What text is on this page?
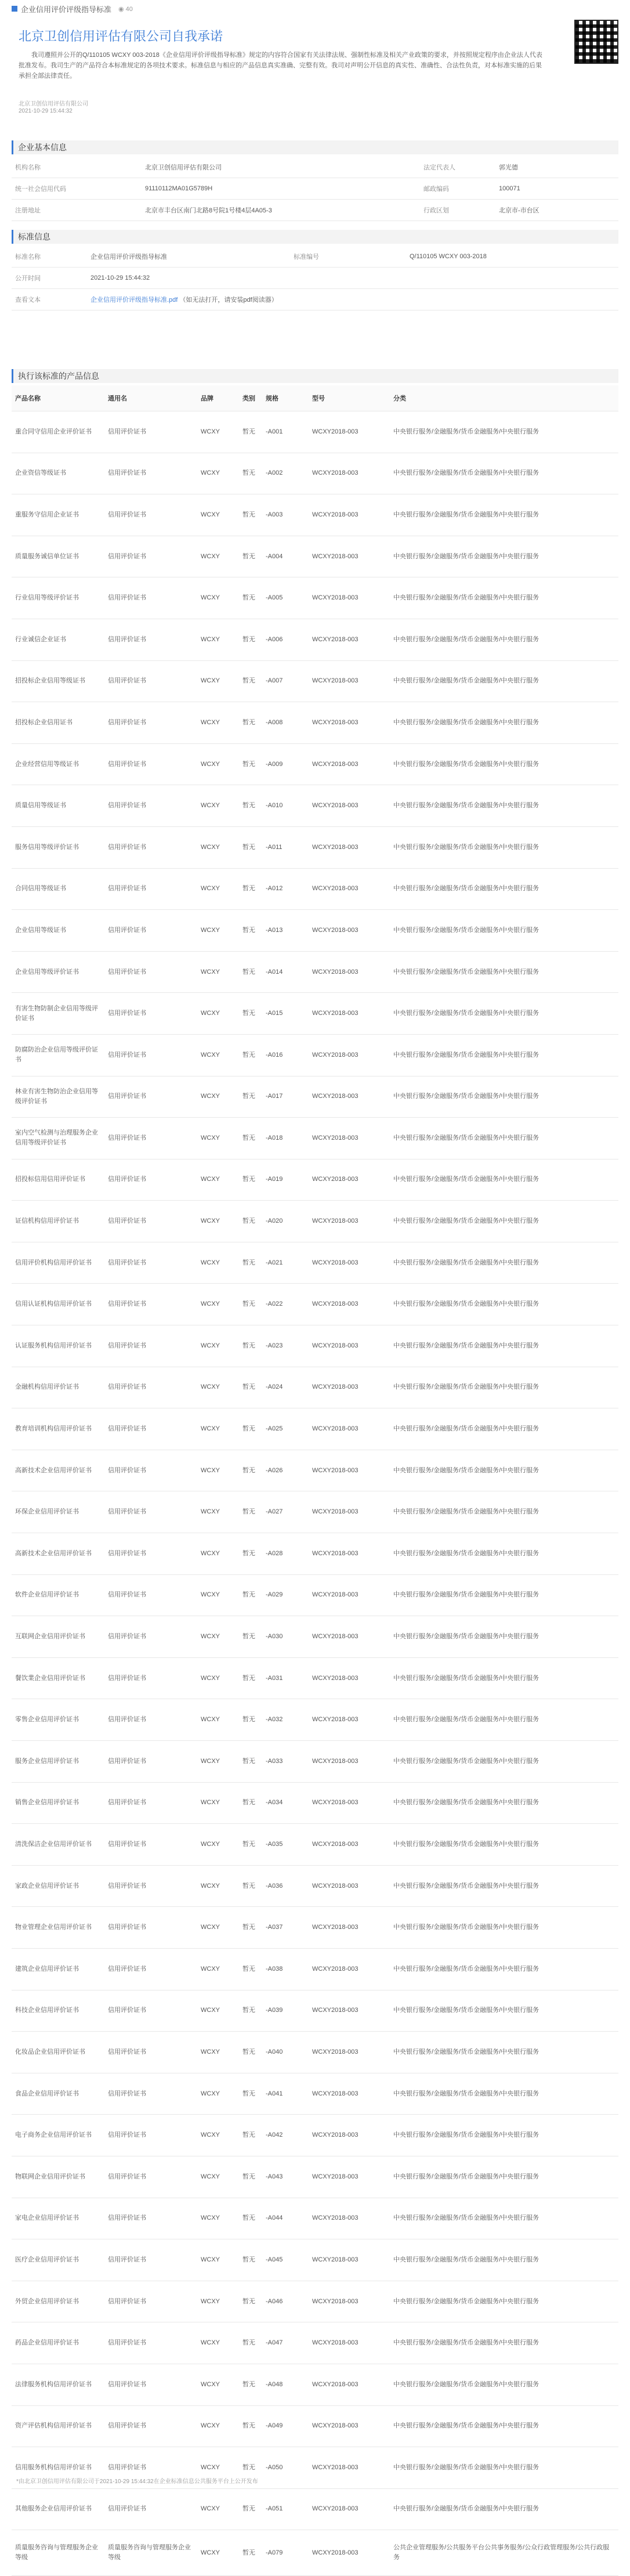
企业信用评价评级指导标准 ◉ 40
北京卫创信用评估有限公司自我承诺
我司遵照并公开的Q/110105 WCXY 003-2018《企业信用评价评级指导标准》规定的内容符合国家有关法律法规、强制性标准及相关产业政策的要求，并按照规定程序由企业法人代表批准发布。我司生产的产品符合本标准规定的各项技术要求。标准信息与相应的产品信息真实准确、完整有效。我司对声明公开信息的真实性、准确性、合法性负责，对本标准实施的后果承担全部法律责任。
北京卫创信用评估有限公司
2021-10-29 15:44:32
企业基本信息
机构名称	北京卫创信用评估有限公司	法定代表人	郭光德
统一社会信用代码	91110112MA01G5789H	邮政编码	100071
注册地址	北京市丰台区南门北路8号院1号楼4层4A05-3	行政区划	北京市-市台区
标准信息
标准名称	企业信用评价评级指导标准	标准编号	Q/110105 WCXY 003-2018
公开时间	2021-10-29 15:44:32		
查看文本	企业信用评价评级指导标准.pdf （如无法打开，请安装pdf阅读器）		
执行该标准的产品信息
产品名称	通用名	品牌	类别	规格	型号	分类
重合同守信用企业评价证书	信用评价证书	WCXY	暂无	-A001	WCXY2018-003	中央银行服务/金融服务/货币金融服务/中央银行服务
企业资信等级证书	信用评价证书	WCXY	暂无	-A002	WCXY2018-003	中央银行服务/金融服务/货币金融服务/中央银行服务
重服务守信用企业证书	信用评价证书	WCXY	暂无	-A003	WCXY2018-003	中央银行服务/金融服务/货币金融服务/中央银行服务
质量服务诚信单位证书	信用评价证书	WCXY	暂无	-A004	WCXY2018-003	中央银行服务/金融服务/货币金融服务/中央银行服务
行业信用等级评价证书	信用评价证书	WCXY	暂无	-A005	WCXY2018-003	中央银行服务/金融服务/货币金融服务/中央银行服务
行业诚信企业证书	信用评价证书	WCXY	暂无	-A006	WCXY2018-003	中央银行服务/金融服务/货币金融服务/中央银行服务
招投标企业信用等级证书	信用评价证书	WCXY	暂无	-A007	WCXY2018-003	中央银行服务/金融服务/货币金融服务/中央银行服务
招投标企业信用证书	信用评价证书	WCXY	暂无	-A008	WCXY2018-003	中央银行服务/金融服务/货币金融服务/中央银行服务
企业经营信用等级证书	信用评价证书	WCXY	暂无	-A009	WCXY2018-003	中央银行服务/金融服务/货币金融服务/中央银行服务
质量信用等级证书	信用评价证书	WCXY	暂无	-A010	WCXY2018-003	中央银行服务/金融服务/货币金融服务/中央银行服务
服务信用等级评价证书	信用评价证书	WCXY	暂无	-A011	WCXY2018-003	中央银行服务/金融服务/货币金融服务/中央银行服务
合同信用等级证书	信用评价证书	WCXY	暂无	-A012	WCXY2018-003	中央银行服务/金融服务/货币金融服务/中央银行服务
企业信用等级证书	信用评价证书	WCXY	暂无	-A013	WCXY2018-003	中央银行服务/金融服务/货币金融服务/中央银行服务
企业信用等级评价证书	信用评价证书	WCXY	暂无	-A014	WCXY2018-003	中央银行服务/金融服务/货币金融服务/中央银行服务
有害生物防制企业信用等级评价证书	信用评价证书	WCXY	暂无	-A015	WCXY2018-003	中央银行服务/金融服务/货币金融服务/中央银行服务
防腐防治企业信用等级评价证书	信用评价证书	WCXY	暂无	-A016	WCXY2018-003	中央银行服务/金融服务/货币金融服务/中央银行服务
林业有害生物防治企业信用等级评价证书	信用评价证书	WCXY	暂无	-A017	WCXY2018-003	中央银行服务/金融服务/货币金融服务/中央银行服务
室内空气检测与治理服务企业信用等级评价证书	信用评价证书	WCXY	暂无	-A018	WCXY2018-003	中央银行服务/金融服务/货币金融服务/中央银行服务
招投标信用信用评价证书	信用评价证书	WCXY	暂无	-A019	WCXY2018-003	中央银行服务/金融服务/货币金融服务/中央银行服务
证信机构信用评价证书	信用评价证书	WCXY	暂无	-A020	WCXY2018-003	中央银行服务/金融服务/货币金融服务/中央银行服务
信用评价机构信用评价证书	信用评价证书	WCXY	暂无	-A021	WCXY2018-003	中央银行服务/金融服务/货币金融服务/中央银行服务
信用认证机构信用评价证书	信用评价证书	WCXY	暂无	-A022	WCXY2018-003	中央银行服务/金融服务/货币金融服务/中央银行服务
认证服务机构信用评价证书	信用评价证书	WCXY	暂无	-A023	WCXY2018-003	中央银行服务/金融服务/货币金融服务/中央银行服务
金融机构信用评价证书	信用评价证书	WCXY	暂无	-A024	WCXY2018-003	中央银行服务/金融服务/货币金融服务/中央银行服务
教育培训机构信用评价证书	信用评价证书	WCXY	暂无	-A025	WCXY2018-003	中央银行服务/金融服务/货币金融服务/中央银行服务
高新技术企业信用评价证书	信用评价证书	WCXY	暂无	-A026	WCXY2018-003	中央银行服务/金融服务/货币金融服务/中央银行服务
环保企业信用评价证书	信用评价证书	WCXY	暂无	-A027	WCXY2018-003	中央银行服务/金融服务/货币金融服务/中央银行服务
高新技术企业信用评价证书	信用评价证书	WCXY	暂无	-A028	WCXY2018-003	中央银行服务/金融服务/货币金融服务/中央银行服务
软件企业信用评价证书	信用评价证书	WCXY	暂无	-A029	WCXY2018-003	中央银行服务/金融服务/货币金融服务/中央银行服务
互联网企业信用评价证书	信用评价证书	WCXY	暂无	-A030	WCXY2018-003	中央银行服务/金融服务/货币金融服务/中央银行服务
餐饮業企业信用评价证书	信用评价证书	WCXY	暂无	-A031	WCXY2018-003	中央银行服务/金融服务/货币金融服务/中央银行服务
零售企业信用评价证书	信用评价证书	WCXY	暂无	-A032	WCXY2018-003	中央银行服务/金融服务/货币金融服务/中央银行服务
服务企业信用评价证书	信用评价证书	WCXY	暂无	-A033	WCXY2018-003	中央银行服务/金融服务/货币金融服务/中央银行服务
销售企业信用评价证书	信用评价证书	WCXY	暂无	-A034	WCXY2018-003	中央银行服务/金融服务/货币金融服务/中央银行服务
清洗保洁企业信用评价证书	信用评价证书	WCXY	暂无	-A035	WCXY2018-003	中央银行服务/金融服务/货币金融服务/中央银行服务
家政企业信用评价证书	信用评价证书	WCXY	暂无	-A036	WCXY2018-003	中央银行服务/金融服务/货币金融服务/中央银行服务
物业管理企业信用评价证书	信用评价证书	WCXY	暂无	-A037	WCXY2018-003	中央银行服务/金融服务/货币金融服务/中央银行服务
建筑企业信用评价证书	信用评价证书	WCXY	暂无	-A038	WCXY2018-003	中央银行服务/金融服务/货币金融服务/中央银行服务
科技企业信用评价证书	信用评价证书	WCXY	暂无	-A039	WCXY2018-003	中央银行服务/金融服务/货币金融服务/中央银行服务
化妆品企业信用评价证书	信用评价证书	WCXY	暂无	-A040	WCXY2018-003	中央银行服务/金融服务/货币金融服务/中央银行服务
食品企业信用评价证书	信用评价证书	WCXY	暂无	-A041	WCXY2018-003	中央银行服务/金融服务/货币金融服务/中央银行服务
电子商务企业信用评价证书	信用评价证书	WCXY	暂无	-A042	WCXY2018-003	中央银行服务/金融服务/货币金融服务/中央银行服务
物联网企业信用评价证书	信用评价证书	WCXY	暂无	-A043	WCXY2018-003	中央银行服务/金融服务/货币金融服务/中央银行服务
家电企业信用评价证书	信用评价证书	WCXY	暂无	-A044	WCXY2018-003	中央银行服务/金融服务/货币金融服务/中央银行服务
医疗企业信用评价证书	信用评价证书	WCXY	暂无	-A045	WCXY2018-003	中央银行服务/金融服务/货币金融服务/中央银行服务
外贸企业信用评价证书	信用评价证书	WCXY	暂无	-A046	WCXY2018-003	中央银行服务/金融服务/货币金融服务/中央银行服务
药品企业信用评价证书	信用评价证书	WCXY	暂无	-A047	WCXY2018-003	中央银行服务/金融服务/货币金融服务/中央银行服务
法律服务机构信用评价证书	信用评价证书	WCXY	暂无	-A048	WCXY2018-003	中央银行服务/金融服务/货币金融服务/中央银行服务
资产评估机构信用评价证书	信用评价证书	WCXY	暂无	-A049	WCXY2018-003	中央银行服务/金融服务/货币金融服务/中央银行服务
信用服务机构信用评价证书	信用评价证书	WCXY	暂无	-A050	WCXY2018-003	中央银行服务/金融服务/货币金融服务/中央银行服务
其他服务企业信用评价证书	信用评价证书	WCXY	暂无	-A051	WCXY2018-003	中央银行服务/金融服务/货币金融服务/中央银行服务
质量服务咨询与管理服务企业等级	质量服务咨询与管理服务企业等级	WCXY	暂无	-A079	WCXY2018-003	公共企业管理服务/公共服务平台公共事务服务/公众行政管理服务/公共行政服务
*由北京卫创信用评估有限公司于2021-10-29 15:44:32在企业标准信息公共服务平台上公开发布
